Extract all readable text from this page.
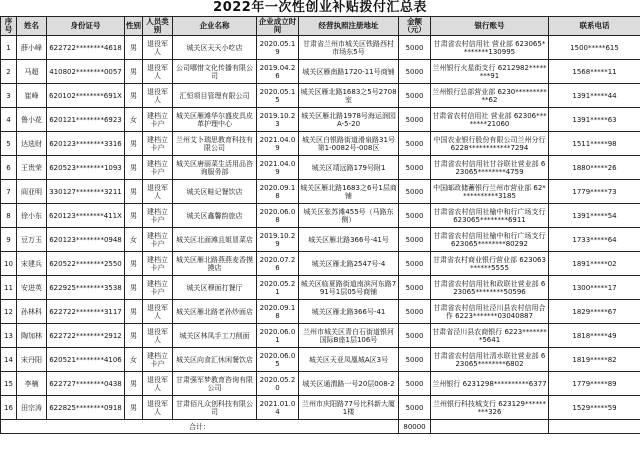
2022年一次性创业补贴拨付汇总表
序号	姓名	身份证号	性别	人员类别	企业名称	企业成立时间	经营执照注册地址	金额（元）	银行账号	联系电话
1	薛小峰	622722********4618	男	退役军人	城关区天天小吃店	2020.05.19	甘肃省兰州市城关区铁路西村市场东5号	5000	甘肃省农村信用社 营业部 623065********130995	1500*****615
2	马超	410802********0057	男	退役军人	公司哪惜文化传播有限公司	2019.04.26	城关区雁南路1720-11号商铺	5000	兰州银行火星街支行 6212982********91	1568*****11
3	崔峰	620102********691X	男	退役军人	汇恒项目管理有限公司	2020.05.15	城关区雁北路1683之5号2708室	5000	兰州银行总部营业部 6230***********62	1391*****44
4	鲁小花	620121********6923	女	建档立卡户	城关区雁滩华尔盛皮具皮革护理中心	2019.10.23	城关区雁北路1978号海运润园A-5-20	5000	甘肃省农村信用社 营业部 62306********21060	1391*****63
5	达选财	620123********3316	男	建档立卡户	兰州艾卜瑞思教育科技有限公司	2021.04.09	城关区白银路街道滑泉路31号第1-0082号-008区	5000	中国农业银行股份有限公司兰州分行 6228************7294	1511*****98
6	王贵荣	620523********1093	男	建档立卡户	城关区唐丽菜生活用品咨询服务部	2021.04.09	城关区靖远路179号附1	5000	甘肃省农村信用社甘谷联社营业部 623065********4759	1880*****26
7	阎亚明	330127********3211	男	退役军人	城关区畦记餐饮店	2020.09.18	城关区雁北路1683之6号1层商铺	5000	中国邮政储蓄银行兰州市营业部 62***********3185	1779*****73
8	徐小东	620123********411X	男	建档立卡户	城关区鑫馨韵旅店	2020.06.08	城关区张苏滩455号（马路东侧）	5000	甘肃省农村信用社榆中和行广场支行 623065********6911	1391*****54
9	豆万玉	620123********0948	女	建档立卡户	城关区北面滩且姐冒菜店	2019.10.29	城关区雁北路366号-41号	5000	甘肃省农村信用社榆中和行广场支行 623065********80292	1733*****64
10	宋建兵	620522********2550	男	建档立卡户	城关区雁北路燕燕麦香摸摸店	2020.07.26	城关区雁北路2547号-4	5000	甘肃省农村商业银行营业部 623063******5555	1891*****02
11	安进英	622925********3538	男	建档立卡户	城关区穆面打餐厅	2020.05.21	城关区临夏路街道南滨河东路791号1层05号商铺	5000	甘肃省农村信用社和政联社营业部 623065********50596	1300*****17
12	孙林科	622722********3117	男	退役军人	城关区雁北路老孙炒面店	2020.09.18	城关区雁北路366号-41	5000	甘肃省农村信用社泾川县农村信用合作 6223*******03040887	1829*****67
13	陶加林	622722********2912	男	退役军人	城关区林凤手工刀削面	2020.06.01	兰州市城关区青白石街道银河国际B座1层106号	5000	甘肃省泾川县农商银行 6223********5641	1818*****49
14	宋丹阳	620521********4106	女	建档立卡户	城关区向食汇休闲餐饮店	2020.06.05	城关区天亚凤凰城A区3号	5000	甘肃省农村信用社清水联社营业部 623065********6802	1819*****82
15	李楠	622727********0438	男	退役军人	甘肃强军梦教育咨询有限公司	2020.05.20	城关区通渭路一号20层008-2	5000	兰州银行 6231298**********6377	1779*****89
16	田宗涛	622825********0918	男	退役军人	甘肃佰凡众创科技有限公司	2021.01.04	兰州市庆阳路77号比科新大厦1楼	5000	兰州银行科技城支行 623129*********326	1529*****59
合计：								80000		
